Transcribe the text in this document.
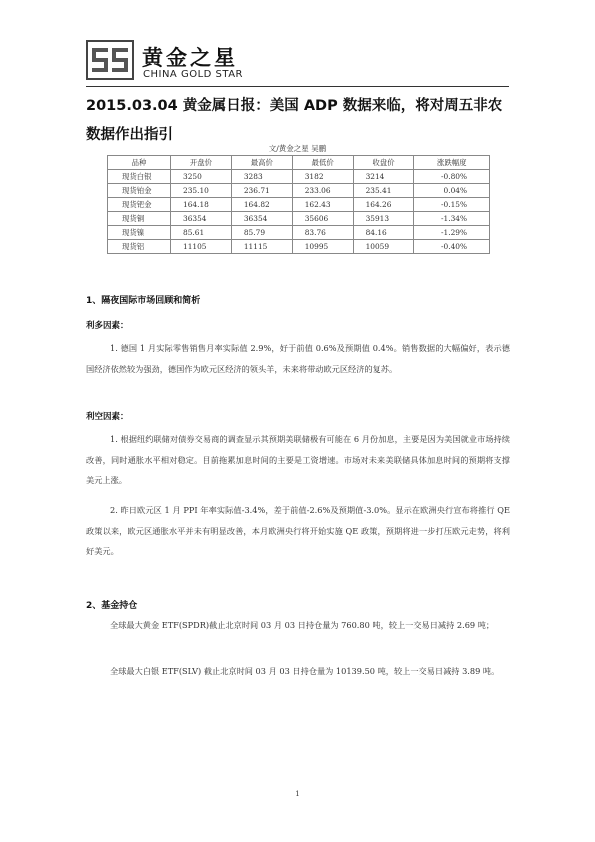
黄金之星
CHINA GOLD STAR
2015.03.04 黄金属日报：美国 ADP 数据来临，将对周五非农数据作出指引
文/黄金之星 吴鹏
品种	开盘价	最高价	最低价	收盘价	涨跌幅度
现货白银	3250	3283	3182	3214	-0.80%
现货铂金	235.10	236.71	233.06	235.41	0.04%
现货钯金	164.18	164.82	162.43	164.26	-0.15%
现货铜	36354	36354	35606	35913	-1.34%
现货镍	85.61	85.79	83.76	84.16	-1.29%
现货铝	11105	11115	10995	10059	-0.40%
1、隔夜国际市场回顾和简析
利多因素：
1. 德国 1 月实际零售销售月率实际值 2.9%，好于前值 0.6%及预期值 0.4%。销售数据的大幅偏好，表示德国经济依然较为强劲，德国作为欧元区经济的领头羊，未来将带动欧元区经济的复苏。
利空因素：
1. 根据纽约联储对债券交易商的调查显示其预期美联储极有可能在 6 月份加息，主要是因为美国就业市场持续改善，同时通胀水平相对稳定。目前拖累加息时间的主要是工资增速。市场对未来美联储具体加息时间的预期将支撑美元上涨。
2. 昨日欧元区 1 月 PPI 年率实际值-3.4%，差于前值-2.6%及预期值-3.0%。显示在欧洲央行宣布将推行 QE 政策以来，欧元区通胀水平并未有明显改善，本月欧洲央行将开始实施 QE 政策，预期将进一步打压欧元走势，将利好美元。
2、基金持仓
全球最大黄金 ETF(SPDR)截止北京时间 03 月 03 日持仓量为 760.80 吨，较上一交易日减持 2.69 吨；
全球最大白银 ETF(SLV) 截止北京时间 03 月 03 日持仓量为 10139.50 吨，较上一交易日减持 3.89 吨。
1
